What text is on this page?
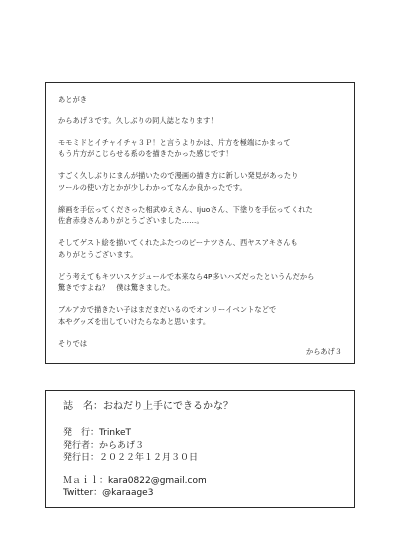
あとがき

からあげ３です。久しぶりの同人誌となります！

モモミドとイチャイチャ３Ｐ！と言うよりかは、片方を極端にかまって
もう片方がこじらせる系のを描きたかった感じです！

すごく久しぶりにまんが描いたので漫画の描き方に新しい発見があったり
ツールの使い方とかが少しわかってなんか良かったです。

線画を手伝ってくださった相武ゆえさん、Ijuoさん、下塗りを手伝ってくれた
佐倉赤身さんありがとうございました……。

そしてゲスト絵を描いてくれたふたつのピーナツさん、西ヤスアキさんも
ありがとうございます。

どう考えてもキツいスケジュールで本来なら4P多いハズだったというんだから
驚きですよね？　僕は驚きました。

ブルアカで描きたい子はまだまだいるのでオンリーイベントなどで
本やグッズを出していけたらなあと思います。

そりでは

からあげ３
誌　名：おねだり上手にできるかな？
発　行：TrinkeT
発行者：からあげ３
発行日：２０２２年１２月３０日
Ｍａｉｌ：kara0822@gmail.com
Twitter：@karaage3
